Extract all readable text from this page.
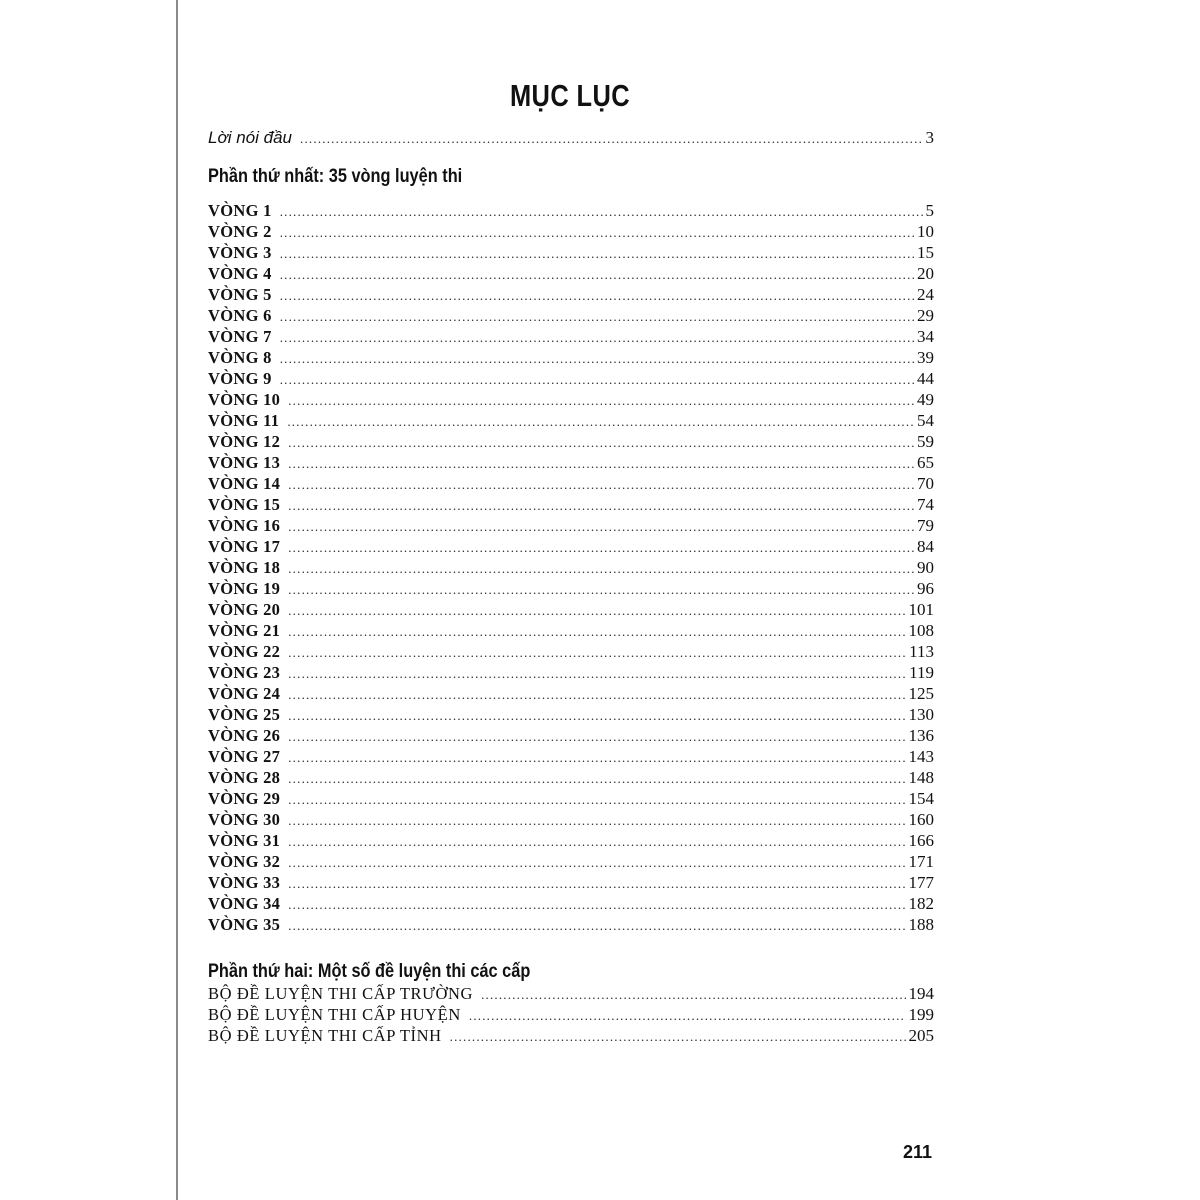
MỤC LỤC
Lời nói đầu .....	3
Phần thứ nhất: 35 vòng luyện thi
VÒNG 1 .....	5
VÒNG 2 .....	10
VÒNG 3 .....	15
VÒNG 4 .....	20
VÒNG 5 .....	24
VÒNG 6 .....	29
VÒNG 7 .....	34
VÒNG 8 .....	39
VÒNG 9 .....	44
VÒNG 10 .....	49
VÒNG 11 .....	54
VÒNG 12 .....	59
VÒNG 13 .....	65
VÒNG 14 .....	70
VÒNG 15 .....	74
VÒNG 16 .....	79
VÒNG 17 .....	84
VÒNG 18 .....	90
VÒNG 19 .....	96
VÒNG 20 .....	101
VÒNG 21 .....	108
VÒNG 22 .....	113
VÒNG 23 .....	119
VÒNG 24 .....	125
VÒNG 25 .....	130
VÒNG 26 .....	136
VÒNG 27 .....	143
VÒNG 28 .....	148
VÒNG 29 .....	154
VÒNG 30 .....	160
VÒNG 31 .....	166
VÒNG 32 .....	171
VÒNG 33 .....	177
VÒNG 34 .....	182
VÒNG 35 .....	188
Phần thứ hai: Một số đề luyện thi các cấp
BỘ ĐỀ LUYỆN THI CẤP TRƯỜNG .....	194
BỘ ĐỀ LUYỆN THI CẤP HUYỆN .....	199
BỘ ĐỀ LUYỆN THI CẤP TỈNH .....	205
211
